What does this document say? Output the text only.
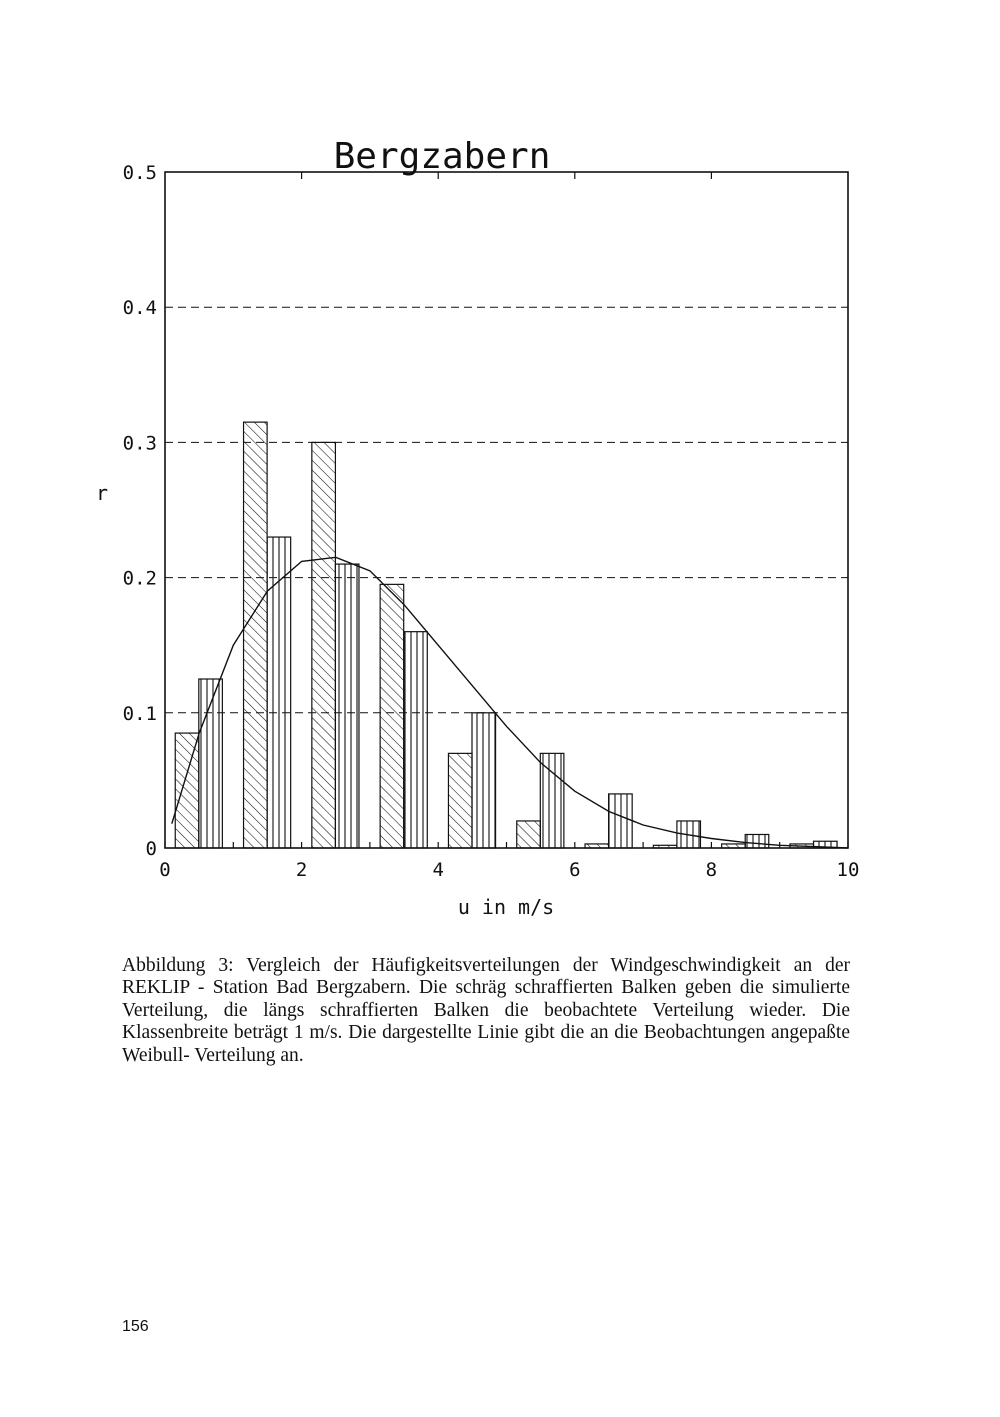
Bergzabern
0
0.1
0.2
0.3
0.4
0.5
0	2	4	6	8	10
r
u in m/s

Abbildung 3: Vergleich der Häufigkeitsverteilungen der Windgeschwindigkeit an der REKLIP - Station Bad Bergzabern. Die schräg schraffierten Balken geben die simulierte Verteilung, die längs schraffierten Balken die beobachtete Verteilung wieder. Die Klassenbreite beträgt 1 m/s. Die dargestellte Linie gibt die an die Beobachtungen angepaßte Weibull- Verteilung an.

156
